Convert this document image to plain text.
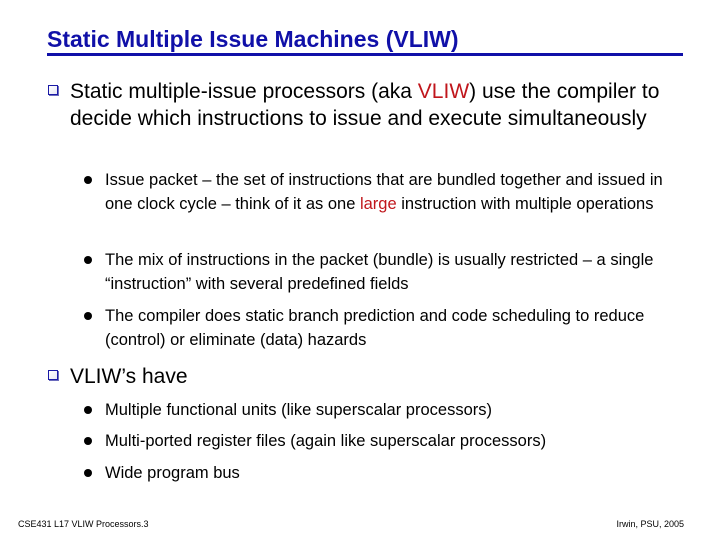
Static Multiple Issue Machines (VLIW)
Static multiple-issue processors (aka VLIW) use the compiler to decide which instructions to issue and execute simultaneously
Issue packet – the set of instructions that are bundled together and issued in one clock cycle – think of it as one large instruction with multiple operations
The mix of instructions in the packet (bundle) is usually restricted – a single “instruction” with several predefined fields
The compiler does static branch prediction and code scheduling to reduce (control) or eliminate (data) hazards
VLIW’s have
Multiple functional units (like superscalar processors)
Multi-ported register files (again like superscalar processors)
Wide program bus
CSE431 L17 VLIW Processors.3	Irwin, PSU, 2005
